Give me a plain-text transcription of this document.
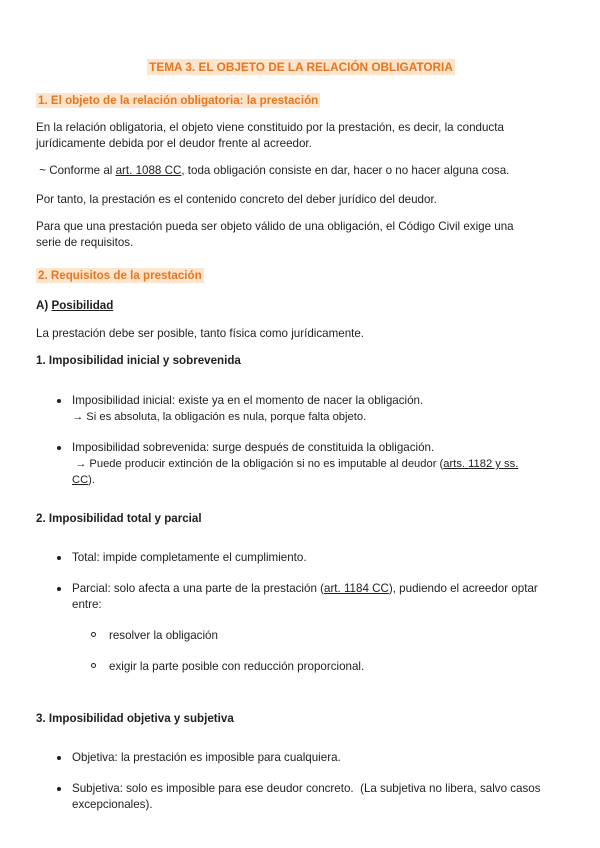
TEMA 3. EL OBJETO DE LA RELACIÓN OBLIGATORIA
1. El objeto de la relación obligatoria: la prestación

En la relación obligatoria, el objeto viene constituido por la prestación, es decir, la conducta

jurídicamente debida por el deudor frente al acreedor.

~ Conforme al art. 1088 CC, toda obligación consiste en dar, hacer o no hacer alguna cosa.

Por tanto, la prestación es el contenido concreto del deber jurídico del deudor.

Para que una prestación pueda ser objeto válido de una obligación, el Código Civil exige una

serie de requisitos.

2. Requisitos de la prestación

A) Posibilidad

La prestación debe ser posible, tanto física como jurídicamente.

1. Imposibilidad inicial y sobrevenida

Imposibilidad inicial: existe ya en el momento de nacer la obligación.

→ Si es absoluta, la obligación es nula, porque falta objeto.

Imposibilidad sobrevenida: surge después de constituida la obligación.

→ Puede producir extinción de la obligación si no es imputable al deudor (arts. 1182 y ss.

CC).

2. Imposibilidad total y parcial

Total: impide completamente el cumplimiento.

Parcial: solo afecta a una parte de la prestación (art. 1184 CC), pudiendo el acreedor optar

entre:

resolver la obligación

exigir la parte posible con reducción proporcional.

3. Imposibilidad objetiva y subjetiva

Objetiva: la prestación es imposible para cualquiera.

Subjetiva: solo es imposible para ese deudor concreto.  (La subjetiva no libera, salvo casos

excepcionales).
